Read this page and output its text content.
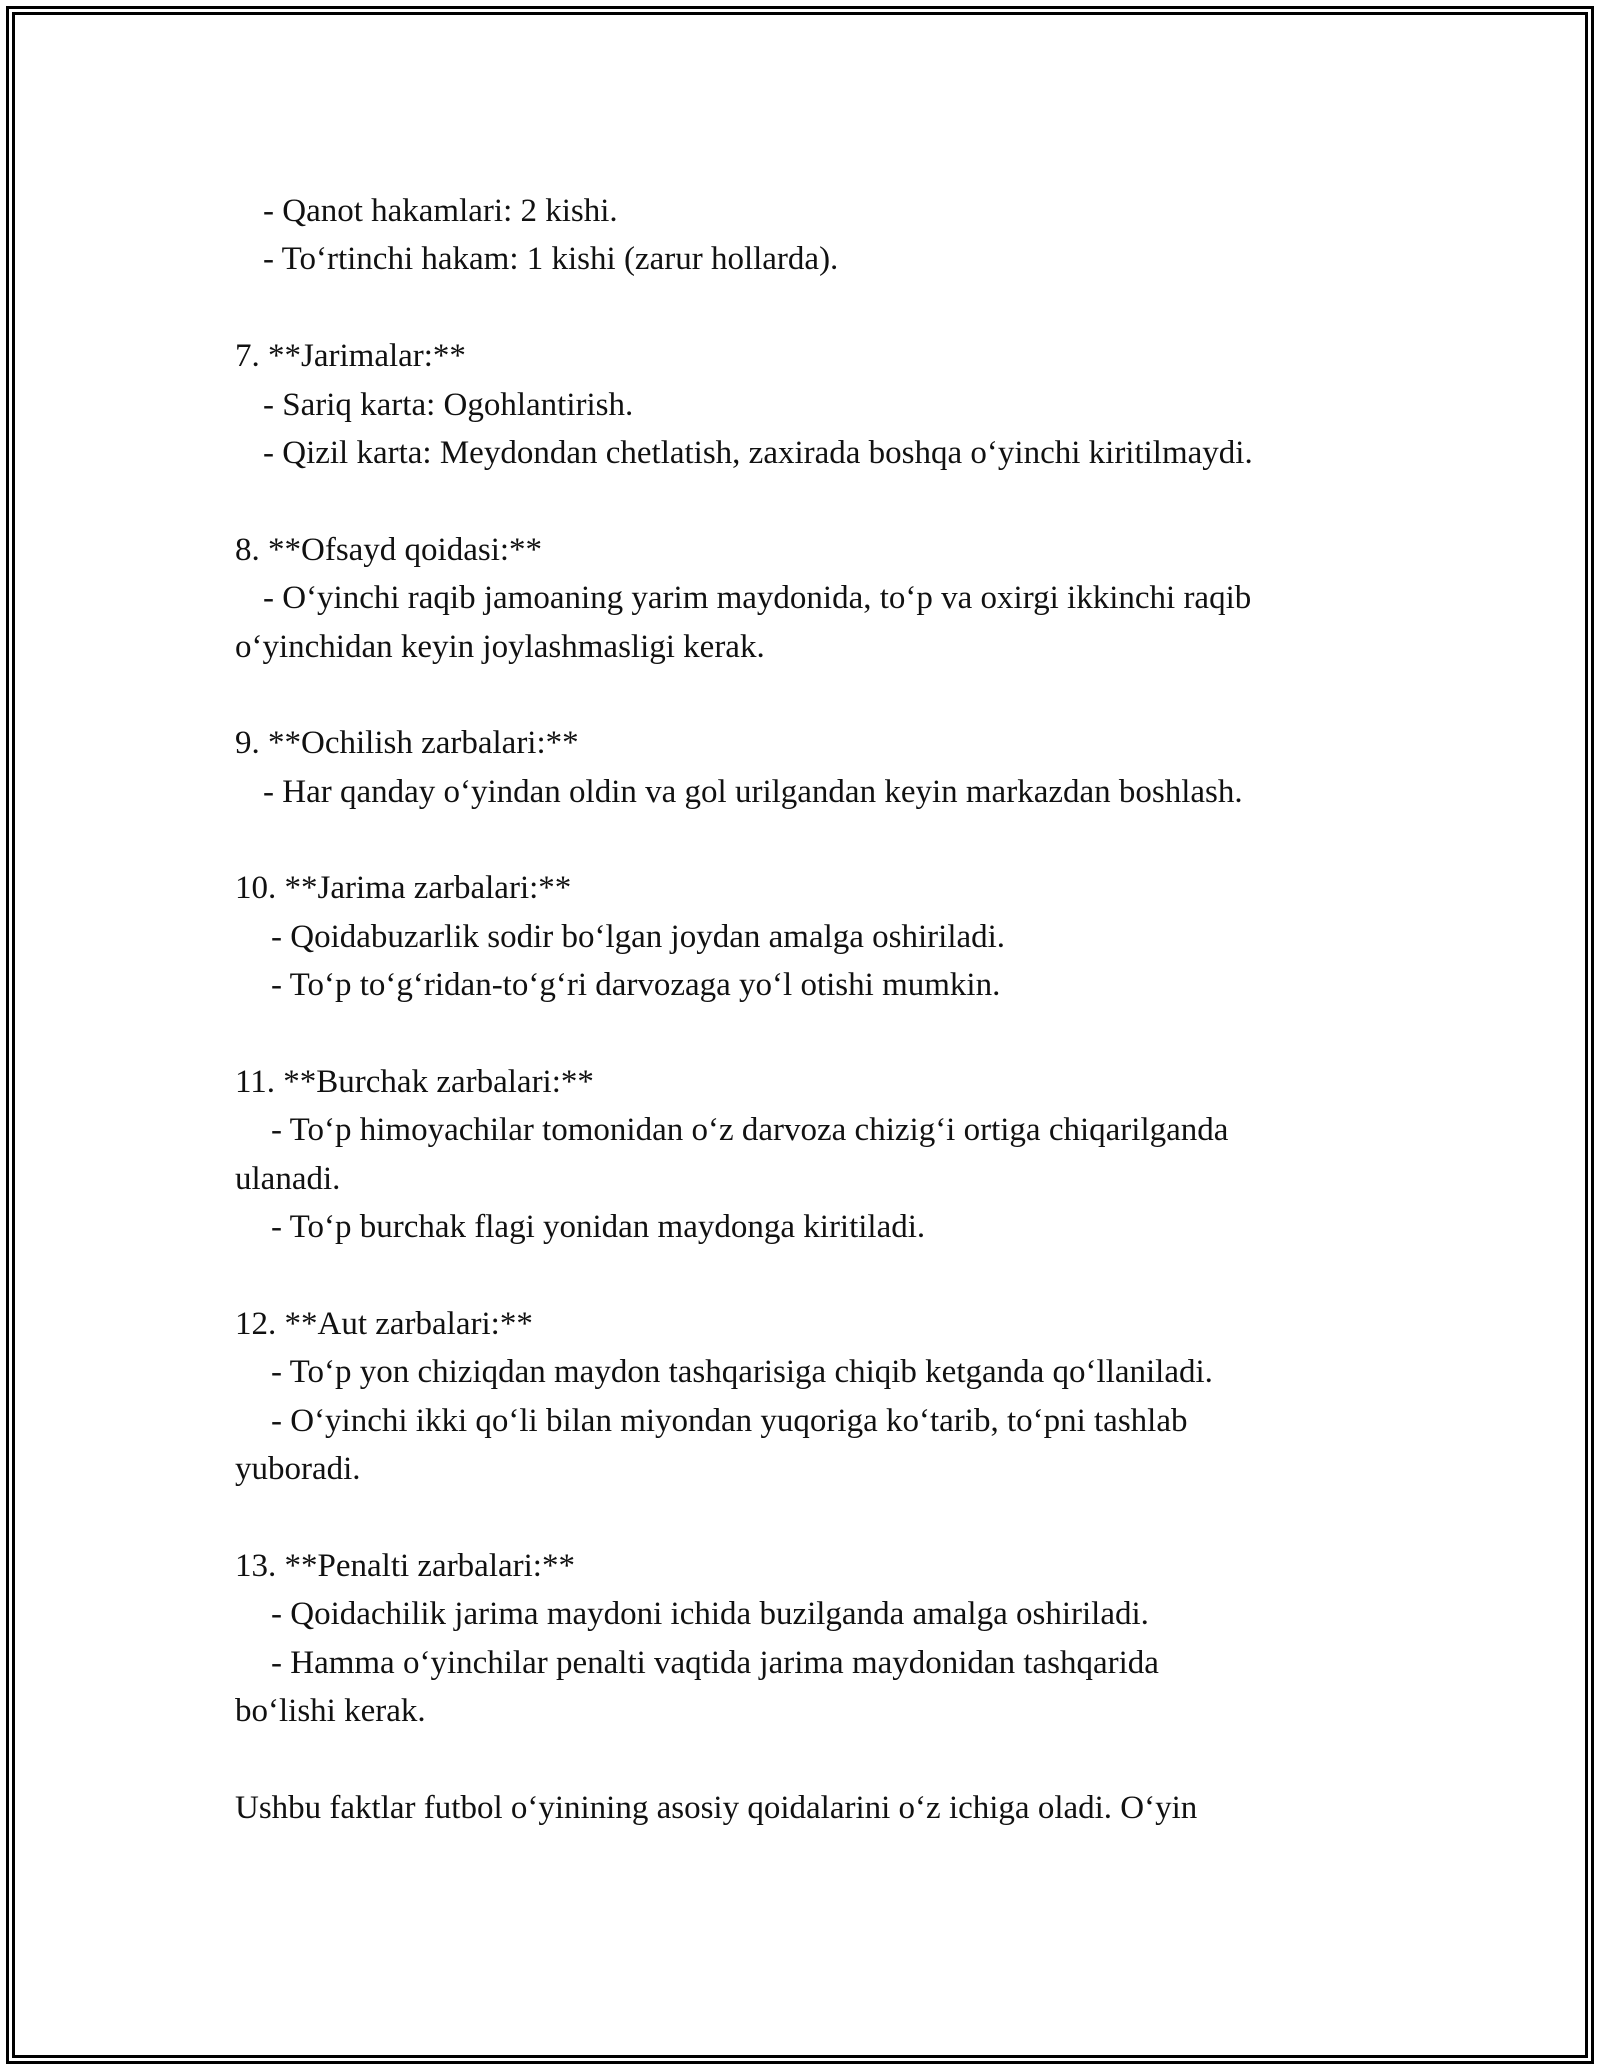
- Qanot hakamlari: 2 kishi.
- To‘rtinchi hakam: 1 kishi (zarur hollarda).
7. **Jarimalar:**
- Sariq karta: Ogohlantirish.
- Qizil karta: Meydondan chetlatish, zaxirada boshqa o‘yinchi kiritilmaydi.
8. **Ofsayd qoidasi:**
- O‘yinchi raqib jamoaning yarim maydonida, to‘p va oxirgi ikkinchi raqib
o‘yinchidan keyin joylashmasligi kerak.
9. **Ochilish zarbalari:**
- Har qanday o‘yindan oldin va gol urilgandan keyin markazdan boshlash.
10. **Jarima zarbalari:**
- Qoidabuzarlik sodir bo‘lgan joydan amalga oshiriladi.
- To‘p to‘g‘ridan-to‘g‘ri darvozaga yo‘l otishi mumkin.
11. **Burchak zarbalari:**
- To‘p himoyachilar tomonidan o‘z darvoza chizig‘i ortiga chiqarilganda
ulanadi.
- To‘p burchak flagi yonidan maydonga kiritiladi.
12. **Aut zarbalari:**
- To‘p yon chiziqdan maydon tashqarisiga chiqib ketganda qo‘llaniladi.
- O‘yinchi ikki qo‘li bilan miyondan yuqoriga ko‘tarib, to‘pni tashlab
yuboradi.
13. **Penalti zarbalari:**
- Qoidachilik jarima maydoni ichida buzilganda amalga oshiriladi.
- Hamma o‘yinchilar penalti vaqtida jarima maydonidan tashqarida
bo‘lishi kerak.
Ushbu faktlar futbol o‘yinining asosiy qoidalarini o‘z ichiga oladi. O‘yin
